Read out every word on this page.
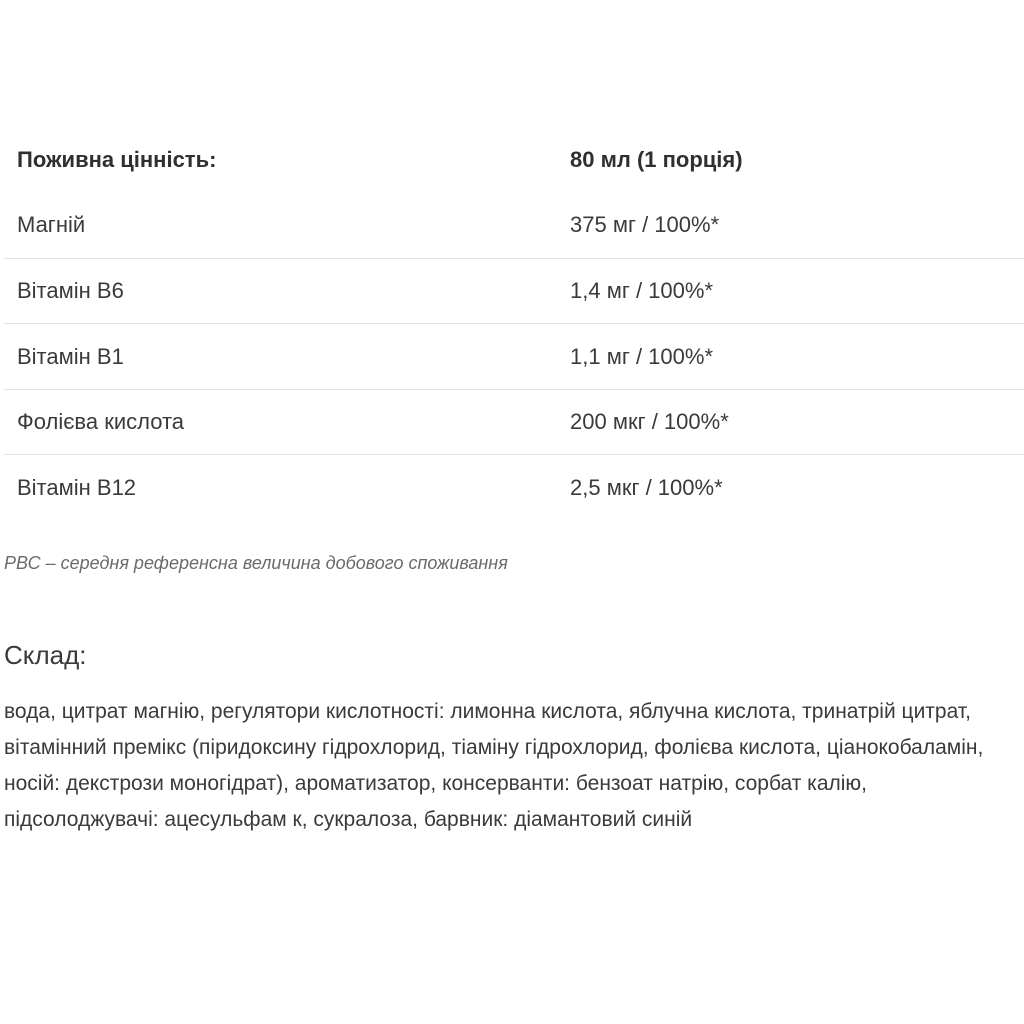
Поживна цінність:	80 мл (1 порція)
Магній	375 мг / 100%*
Вітамін В6	1,4 мг / 100%*
Вітамін В1	1,1 мг / 100%*
Фолієва кислота	200 мкг / 100%*
Вітамін В12	2,5 мкг / 100%*

РВС – середня референсна величина добового споживання

Склад:

вода, цитрат магнію, регулятори кислотності: лимонна кислота, яблучна кислота, тринатрій цитрат, вітамінний премікс (піридоксину гідрохлорид, тіаміну гідрохлорид, фолієва кислота, ціанокобаламін, носій: декстрози моногідрат), ароматизатор, консерванти: бензоат натрію, сорбат калію, підсолоджувачі: ацесульфам к, сукралоза, барвник: діамантовий синій
